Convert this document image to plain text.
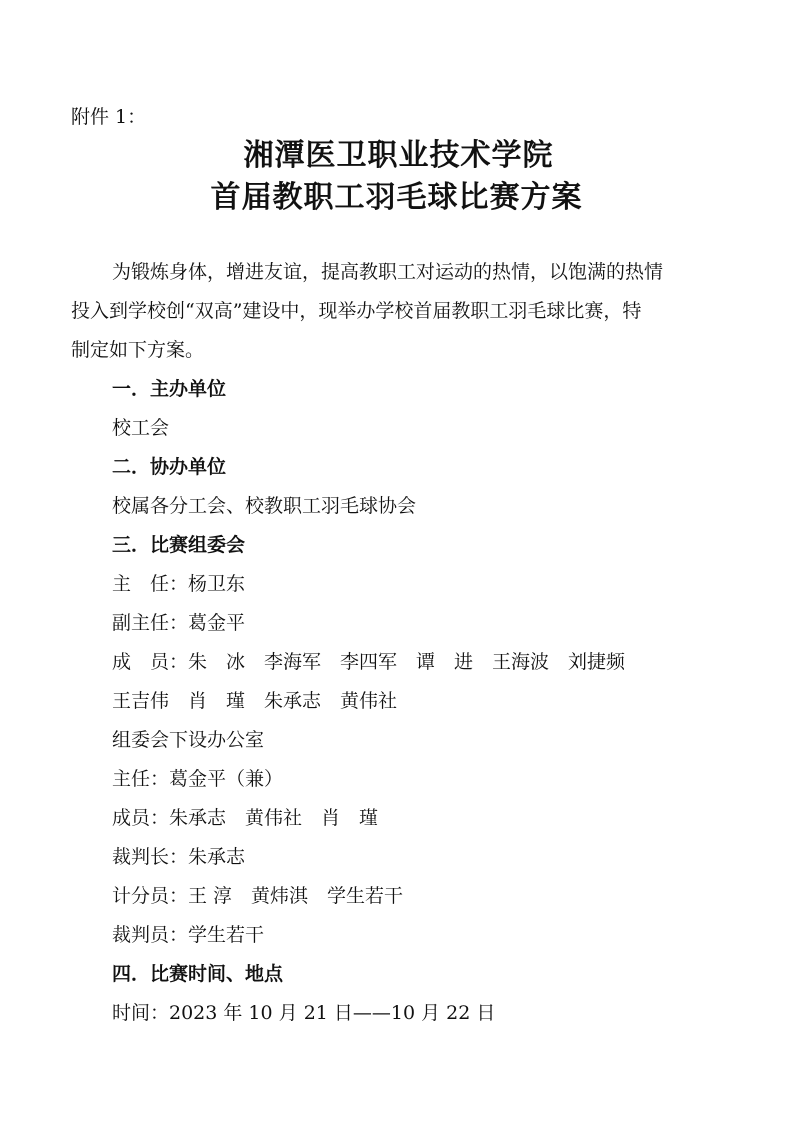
附件 1：
湘潭医卫职业技术学院
首届教职工羽毛球比赛方案
为锻炼身体，增进友谊，提高教职工对运动的热情，以饱满的热情
投入到学校创“双高”建设中，现举办学校首届教职工羽毛球比赛，特
制定如下方案。
一．主办单位
校工会
二．协办单位
校属各分工会、校教职工羽毛球协会
三．比赛组委会
主　任：杨卫东
副主任：葛金平
成　员：朱　冰　李海军　李四军　谭　进　王海波　刘捷频
王吉伟　肖　瑾　朱承志　黄伟社
组委会下设办公室
主任：葛金平（兼）
成员：朱承志　黄伟社　肖　瑾
裁判长：朱承志
计分员：王 淳　黄炜淇　学生若干
裁判员：学生若干
四．比赛时间、地点
时间：2023 年 10 月 21 日——10 月 22 日
